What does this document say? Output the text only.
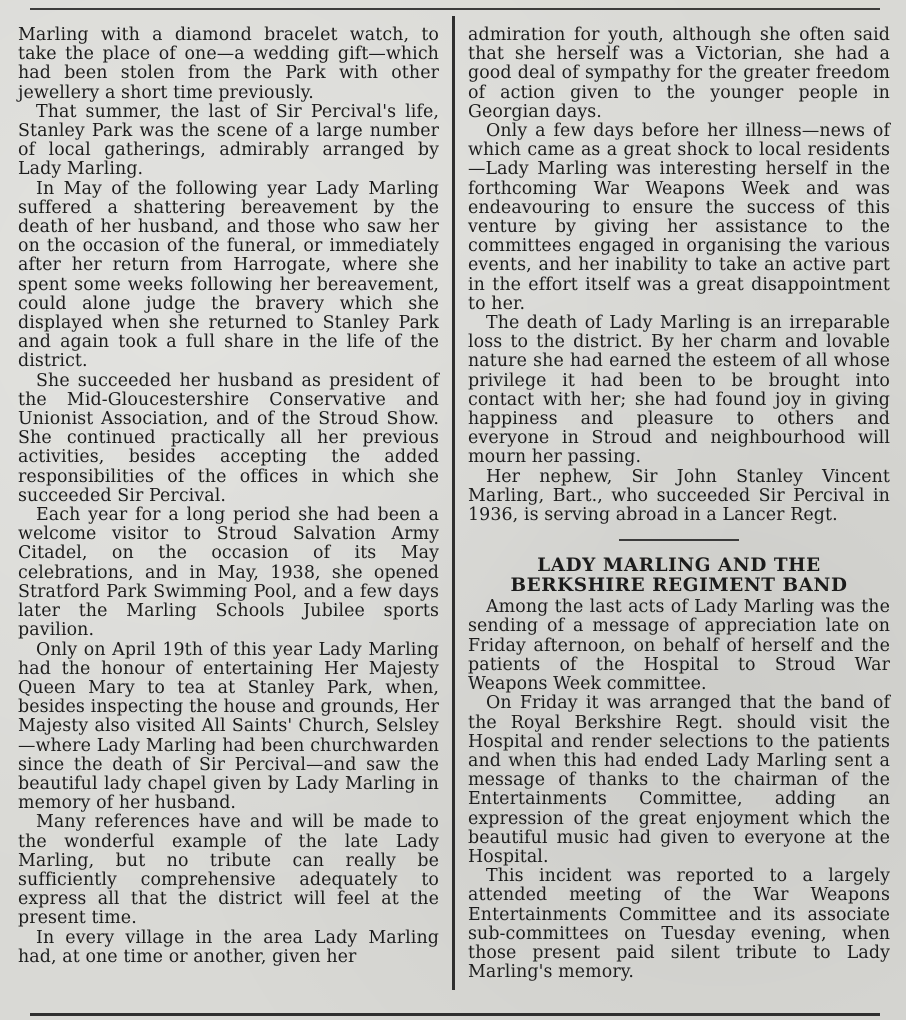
Marling with a diamond bracelet watch, to take the place of one—a wedding gift—which had been stolen from the Park with other jewellery a short time previously.

That summer, the last of Sir Percival's life, Stanley Park was the scene of a large number of local gatherings, admirably arranged by Lady Marling.

In May of the following year Lady Marling suffered a shattering bereavement by the death of her husband, and those who saw her on the occasion of the funeral, or immediately after her return from Harrogate, where she spent some weeks following her bereavement, could alone judge the bravery which she displayed when she returned to Stanley Park and again took a full share in the life of the district.

She succeeded her husband as president of the Mid-Gloucestershire Conservative and Unionist Association, and of the Stroud Show. She continued practically all her previous activities, besides accepting the added responsibilities of the offices in which she succeeded Sir Percival.

Each year for a long period she had been a welcome visitor to Stroud Salvation Army Citadel, on the occasion of its May celebrations, and in May, 1938, she opened Stratford Park Swimming Pool, and a few days later the Marling Schools Jubilee sports pavilion.

Only on April 19th of this year Lady Marling had the honour of entertaining Her Majesty Queen Mary to tea at Stanley Park, when, besides inspecting the house and grounds, Her Majesty also visited All Saints' Church, Selsley—where Lady Marling had been churchwarden since the death of Sir Percival—and saw the beautiful lady chapel given by Lady Marling in memory of her husband.

Many references have and will be made to the wonderful example of the late Lady Marling, but no tribute can really be sufficiently comprehensive adequately to express all that the district will feel at the present time.

In every village in the area Lady Marling had, at one time or another, given her

admiration for youth, although she often said that she herself was a Victorian, she had a good deal of sympathy for the greater freedom of action given to the younger people in Georgian days.

Only a few days before her illness—news of which came as a great shock to local residents—Lady Marling was interesting herself in the forthcoming War Weapons Week and was endeavouring to ensure the success of this venture by giving her assistance to the committees engaged in organising the various events, and her inability to take an active part in the effort itself was a great disappointment to her.

The death of Lady Marling is an irreparable loss to the district. By her charm and lovable nature she had earned the esteem of all whose privilege it had been to be brought into contact with her; she had found joy in giving happiness and pleasure to others and everyone in Stroud and neighbourhood will mourn her passing.

Her nephew, Sir John Stanley Vincent Marling, Bart., who succeeded Sir Percival in 1936, is serving abroad in a Lancer Regt.

LADY MARLING AND THE
BERKSHIRE REGIMENT BAND

Among the last acts of Lady Marling was the sending of a message of appreciation late on Friday afternoon, on behalf of herself and the patients of the Hospital to Stroud War Weapons Week committee.

On Friday it was arranged that the band of the Royal Berkshire Regt. should visit the Hospital and render selections to the patients and when this had ended Lady Marling sent a message of thanks to the chairman of the Entertainments Committee, adding an expression of the great enjoyment which the beautiful music had given to everyone at the Hospital.

This incident was reported to a largely attended meeting of the War Weapons Entertainments Committee and its associate sub-committees on Tuesday evening, when those present paid silent tribute to Lady Marling's memory.
